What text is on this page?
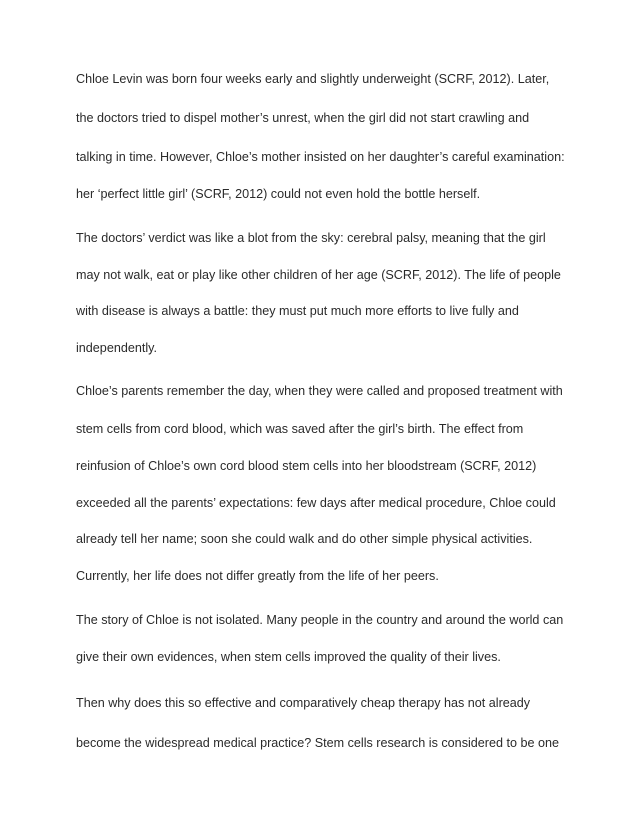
Chloe Levin was born four weeks early and slightly underweight (SCRF, 2012). Later,

the doctors tried to dispel mother’s unrest, when the girl did not start crawling and

talking in time. However, Chloe’s mother insisted on her daughter’s careful examination:

her ‘perfect little girl’ (SCRF, 2012) could not even hold the bottle herself.

The doctors’ verdict was like a blot from the sky: cerebral palsy, meaning that the girl

may not walk, eat or play like other children of her age (SCRF, 2012). The life of people

with disease is always a battle: they must put much more efforts to live fully and

independently.

Chloe’s parents remember the day, when they were called and proposed treatment with

stem cells from cord blood, which was saved after the girl’s birth. The effect from

reinfusion of Chloe’s own cord blood stem cells into her bloodstream (SCRF, 2012)

exceeded all the parents’ expectations: few days after medical procedure, Chloe could

already tell her name; soon she could walk and do other simple physical activities.

Currently, her life does not differ greatly from the life of her peers.

The story of Chloe is not isolated. Many people in the country and around the world can

give their own evidences, when stem cells improved the quality of their lives.

Then why does this so effective and comparatively cheap therapy has not already

become the widespread medical practice? Stem cells research is considered to be one
